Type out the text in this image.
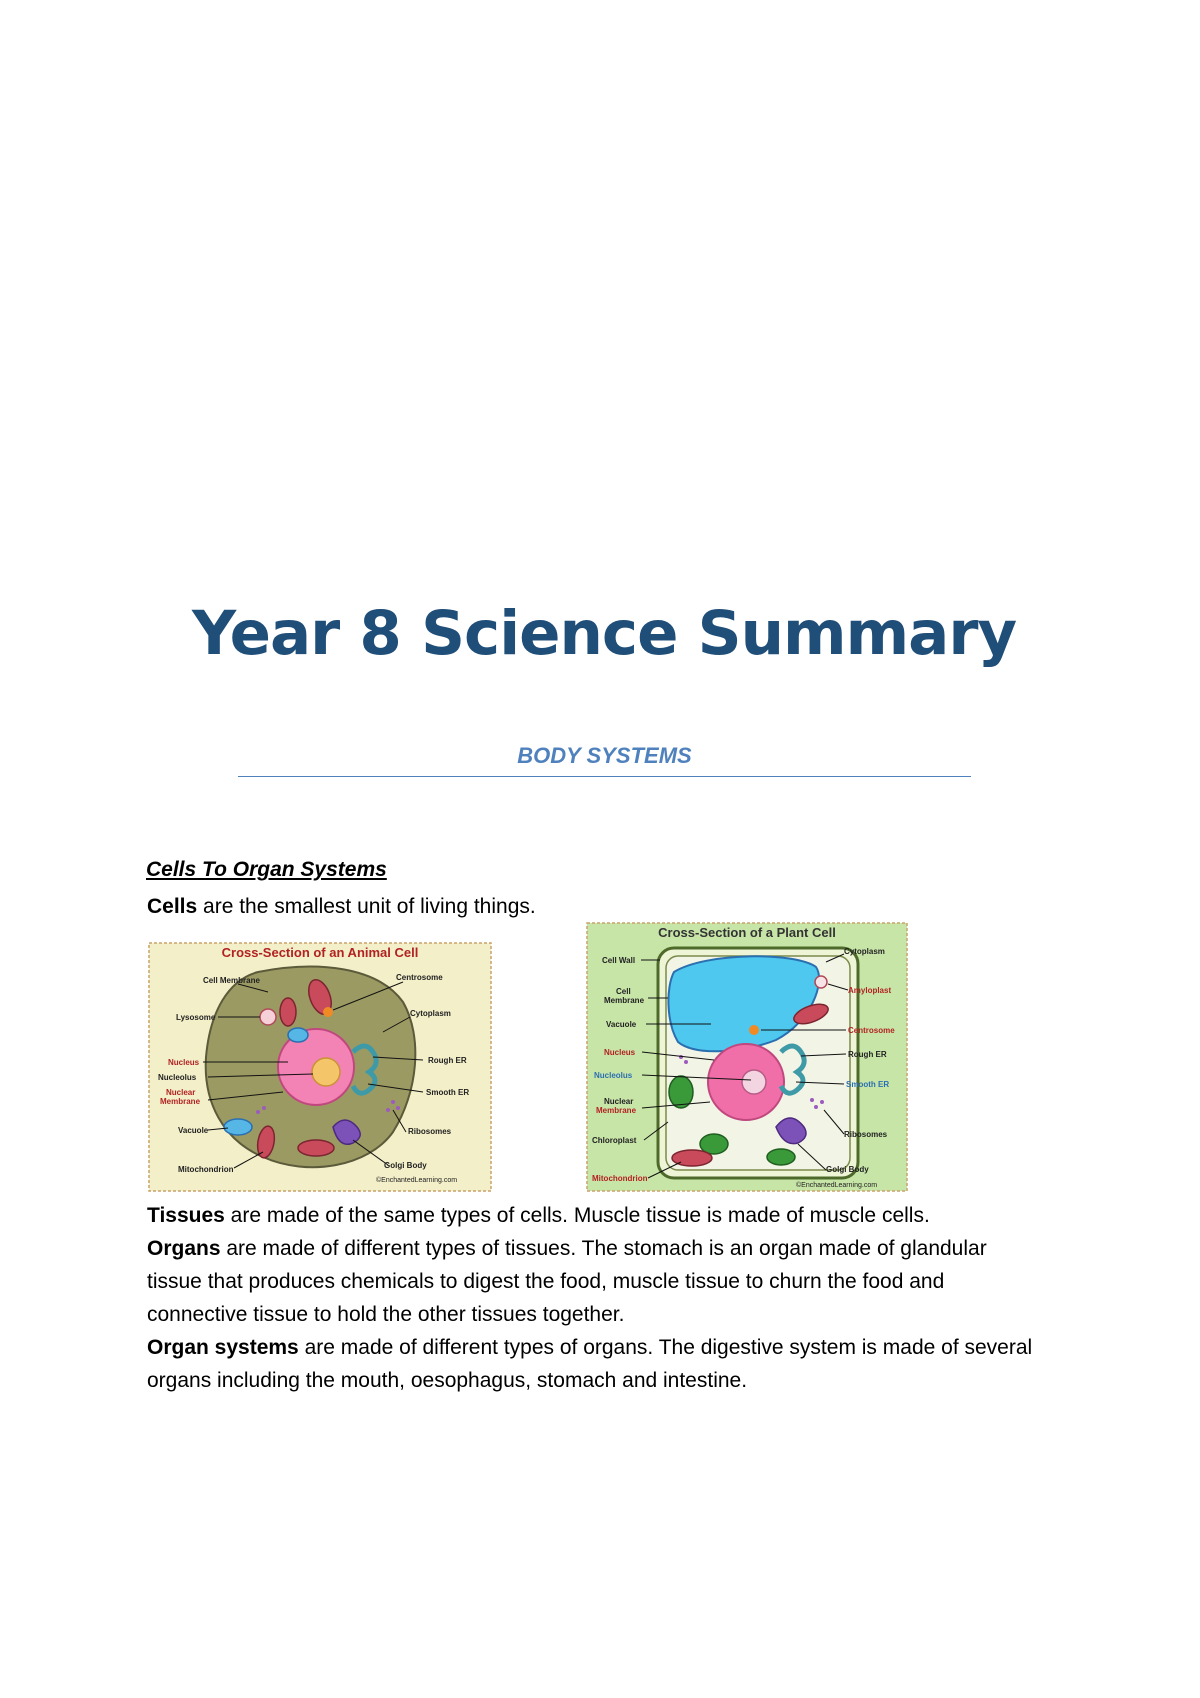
Year 8 Science Summary
BODY SYSTEMS
Cells To Organ Systems
Cells are the smallest unit of living things.
Cross-Section of an Animal Cell
Cell Membrane	Centrosome
Lysosome	Cytoplasm
Nucleus	Rough ER
Nucleolus
Smooth ER
Nuclear
Membrane
Vacuole	Ribosomes
Mitochondrion	Golgi Body
©EnchantedLearning.com
Cross-Section of a Plant Cell
Cell Wall
Cytoplasm
Cell
Membrane
Amyloplast
Vacuole
Centrosome
Nucleus	Rough ER
Nucleolus
Smooth ER
Nuclear
Membrane
Ribosomes
Chloroplast
Golgi Body
Mitochondrion
©EnchantedLearning.com

Tissues are made of the same types of cells. Muscle tissue is made of muscle cells.

Organs are made of different types of tissues. The stomach is an organ made of glandular tissue that produces chemicals to digest the food, muscle tissue to churn the food and connective tissue to hold the other tissues together.

Organ systems are made of different types of organs. The digestive system is made of several organs including the mouth, oesophagus, stomach and intestine.
